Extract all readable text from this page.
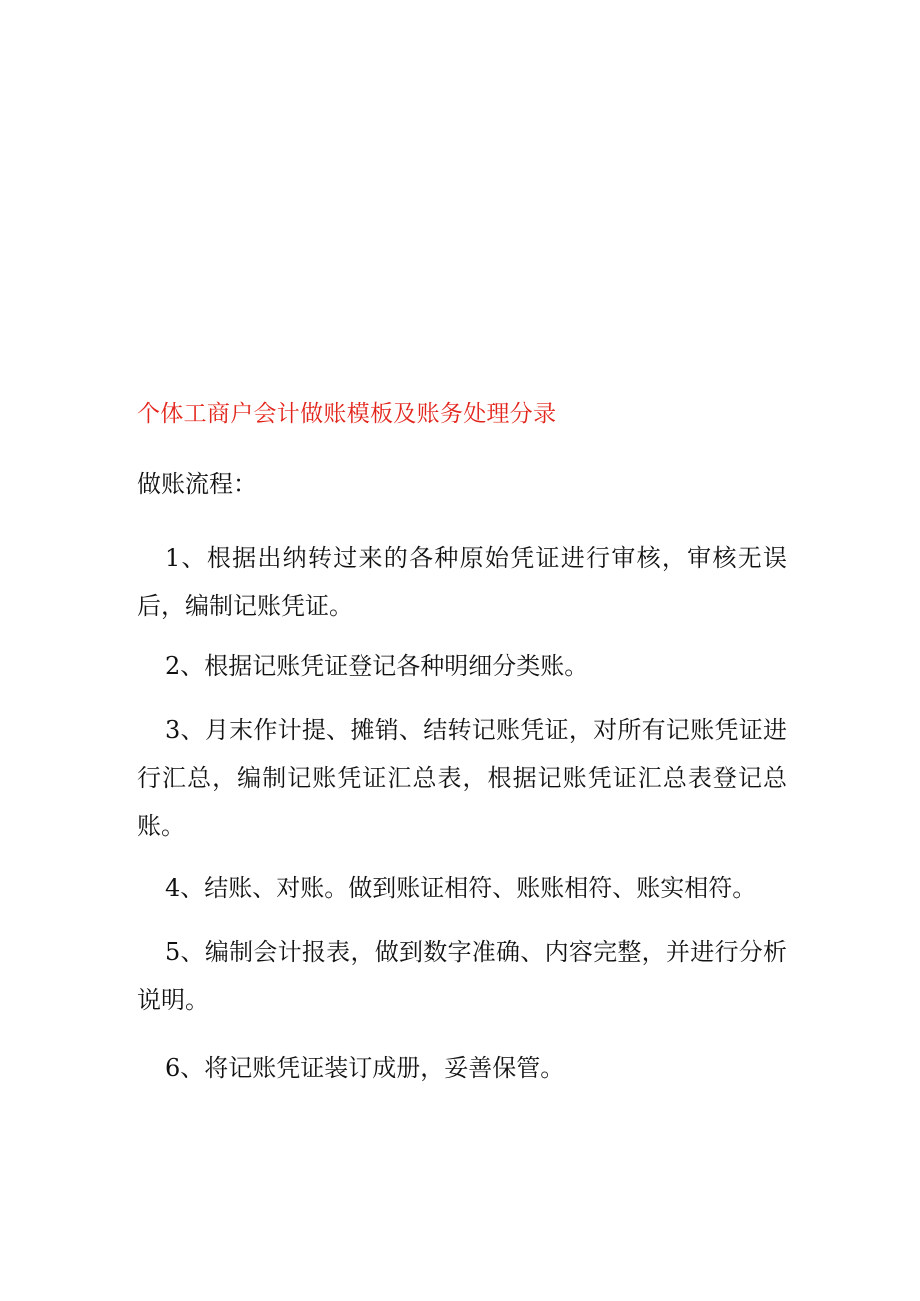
个体工商户会计做账模板及账务处理分录

做账流程：

1、根据出纳转过来的各种原始凭证进行审核，审核无误后，编制记账凭证。

2、根据记账凭证登记各种明细分类账。

3、月末作计提、摊销、结转记账凭证，对所有记账凭证进行汇总，编制记账凭证汇总表，根据记账凭证汇总表登记总账。

4、结账、对账。做到账证相符、账账相符、账实相符。

5、编制会计报表，做到数字准确、内容完整，并进行分析说明。

6、将记账凭证装订成册，妥善保管。
